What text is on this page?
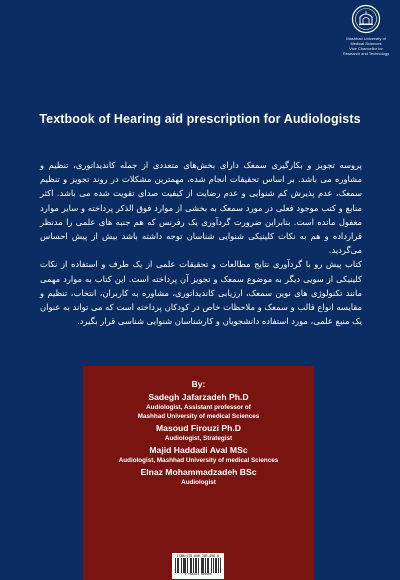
Mashhad University of
Medical Sciences
Vice Chancellor for
Research and Technology
Textbook of Hearing aid prescription for Audiologists

پروسه تجویز و بکارگیری سمعک دارای بخش‌های متعددی از جمله کاندیداتوری، تنظیم و مشاوره می باشد. بر اساس تحقیقات انجام شده، مهمترین مشکلات در روند تجویز و تنظیم سمعک، عدم پذیرش کم شنوایی و عدم رضایت از کیفیت صدای تقویت شده می باشد. اکثر منابع و کتب موجود فعلی در مورد سمعک به بخشی از موارد فوق الذکر پرداخته و سایر موارد مغفول مانده است. بنابراین ضرورت گردآوری یک رفرنس که هم جنبه های علمی را مدنظر قرارداده و هم به نکات کلینیکی شنوایی شناسان توجه داشته باشد بیش از پیش احساس می‌گردید.

کتاب پیش رو با گردآوری نتایج مطالعات و تحقیقات علمی از یک طرف و استفاده از نکات کلینیکی از سویی دیگر به موضوع سمعک و تجویز آن پرداخته است. این کتاب به موارد مهمی مانند تکنولوژی های نوین سمعک، ارزیابی کاندیداتوری، مشاوره به کاربران، انتخاب، تنظیم و مقایسه انواع قالب و سمعک و ملاحظات خاص در کودکان پرداخته است که می تواند به عنوان یک منبع علمی، مورد استفاده دانشجویان و کارشناسان شنوایی شناسی قرار بگیرد.

By:
Sadegh Jafarzadeh Ph.D
Audiologist, Assistant professor of
Mashhad University of medical Sciences
Masoud Firouzi Ph.D
Audiologist, Strategist
Majid Haddadi Aval MSc
Audiologist, Mashhad University of medical Sciences
Elnaz Mohammadzadeh BSc
Audiologist
ISBN:978-600-385-098-0
9 786003 850980
